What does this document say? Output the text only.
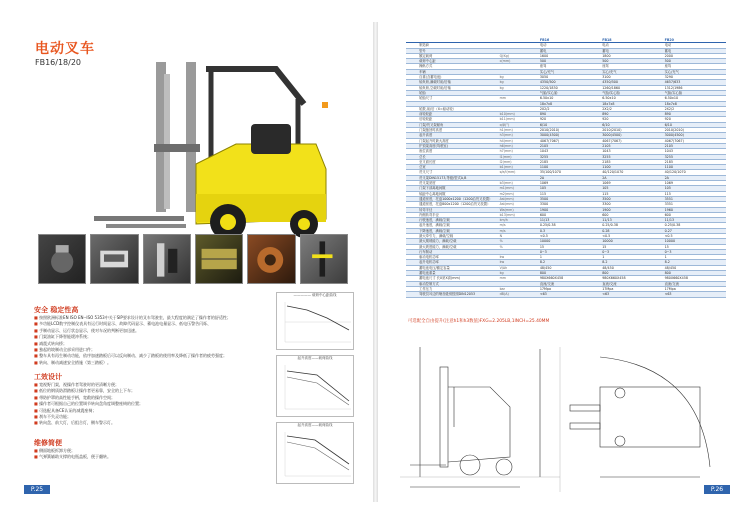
电动叉车
FB16/18/20
安全 稳定性高
■ 按照欧洲标准EN ISO EN--ISO 5353中关于SIP要求设计的叉车驾驶室，最大程度的满足了操作者的舒适性；
■ 多功能LCD数字控制仪表具有运行时间显示、故障代码显示、蓄电池电量显示、低电压警告闪烁、
■ 手制动显示、运行状态显示，使对车况的判断更加迅速。
■ 门架油缸下降智能缓冲系统；
■ 减震式转向桥；
■ 独起的坡制动全部采用进口件；
■ 整车具有再生制动功能，依序加速踏板后可以反向制动、减少了踏板的使用率及降低了操作者的疲劳强度；
■ 转向、制动减速安全措施（第三踏板）。
工效设计
■ 宽视野门架，视操作者驾驶时的更清晰方便；
■ 低位的钢质防滑踏板让操作者更易靠，安全的上下车；
■ 带防护罩的高性能手柄，宽敞的操作空间；
■ 操作者可根据自己的位置调节转向盘角度调整座椅的位置；
■ 可选配具备CE认证的减震座椅；
■ 刹车不失灵功能；
■ 转向盘、前大灯，后组合灯，侧车警示灯。
维修简便
■ 侧面地板拆卸方便；
■ 气弹簧辅助支撑的电瓶盖板，便于翻转。
————— 载荷中心距曲线
起升高度——载荷曲线
起升高度——载荷曲线
P.25
			FB16	FB18	FB20
	制造商		电动	电动	电动
	型号		蓄电	蓄电	蓄电
	额定载荷	Q(Kg)	1600	1800	2000
	载荷中心距	c(mm)	500	500	500
	操纵方式		座驾	座驾	座驾
	车辆		实心/充气	实心/充气	实心/充气
	自重(含蓄电池)	kg	3050	3100	3290
	轴负荷,满载时前/后轴	kg	4350/500	4350/500	4657/633
	轴负荷,空载时前/后轴	kg	1220/1830	1260/1860	1312/1986
	轮胎		气胎/实心胎	气胎/实心胎	气胎/实心胎
	轮胎尺寸	mm	6.50x10	6.50x10	6.50x10
			18x7x8	18x7x8	18x7x8
	轮数,前/后（X=驱动轮）		2X2/2	2X2/2	2X2/2
	前轮轮距	b10(mm)	890	890	890
	后轮轮距	b11(mm)	920	920	920
	门架/货叉架倾角	α/β(°)	6/10	6/10	6/10
	门架缩回时高度	h1(mm)	2010(2010)	2010(2010)	2010(2010)
	起升高度	h3(mm)	3000(4500)	3000(4500)	3000(4500)
	门架起升时最大高度	h4(mm)	4067(7067)	4067(7067)	4067(7067)
	护顶架高度(驾驶室)	h6(mm)	2105	2105	2105
	座位高度	h7(mm)	1043	1043	1043
	总长	l1(mm)	3255	3255	3255
	至叉面长度	l2(mm)	2185	2185	2185
	总宽	b1(mm)	1100	1100	1100
	货叉尺寸	s/e/l(mm)	35/100/1070	40/120/1070	40/120/1070
	货叉架DIN15173,等级/型式A,B		2A	2A	2A
	货叉架宽度	b3(mm)	1069	1069	1069
	门架下部离地间隙	m1(mm)	105	105	105
	轴距中心离地间隙	m2(mm)	115	115	115
	通道宽度，托盘1000x1200（1200沿货叉放置）	Ast(mm)	3500	3500	3551
	通道宽度，托盘800x1200（1200沿货叉放置）	Ast(mm)	3300	3300	3351
	转弯半径	Wa(mm)	1900	1900	1960
	内侧转弯半径	b13(mm)	600	600	600
	行驶速度，满载/空载	km/h	11/13	11/13	11/13
	起升速度，满载/空载	m/s	0.25/0.38	0.25/0.38	0.25/0.38
	下降速度，满载/空载	m/s	0.3	0.28	0.27
	最大牵引力，满载/空载	N	<0.5	<0.5	<0.5
	最大爬坡能力，满载/空载	%	10000	10000	10000
	最大坡度能力，满载/空载	%	15	15	15
	行车制动		0~3	0~3	0~3
	驱动电机功率	kw	1	1	1
	起升电机功率	kw	8.2	8.2	8.2
	蓄电池电压/额定容量	V/Ah	48/450	48/450	48/450
	蓄电池重量	kg	800	800	800
	蓄电池尺寸 长X宽X高(mm)	mm	980X660X458	980X660X458	980X660X458
	驱动控制方式		直流/交流	直流/交流	直流/交流
	工作压力	bar	17Mpa	17Mpa	17Mpa
	驾驶员耳边的噪音级别按照DIN12053	dB(A)	<63	<63	<63
可选配全自由提升(注意h1和h3数值)FXG=2.205LB,1INCH=25.40MM
P.26
